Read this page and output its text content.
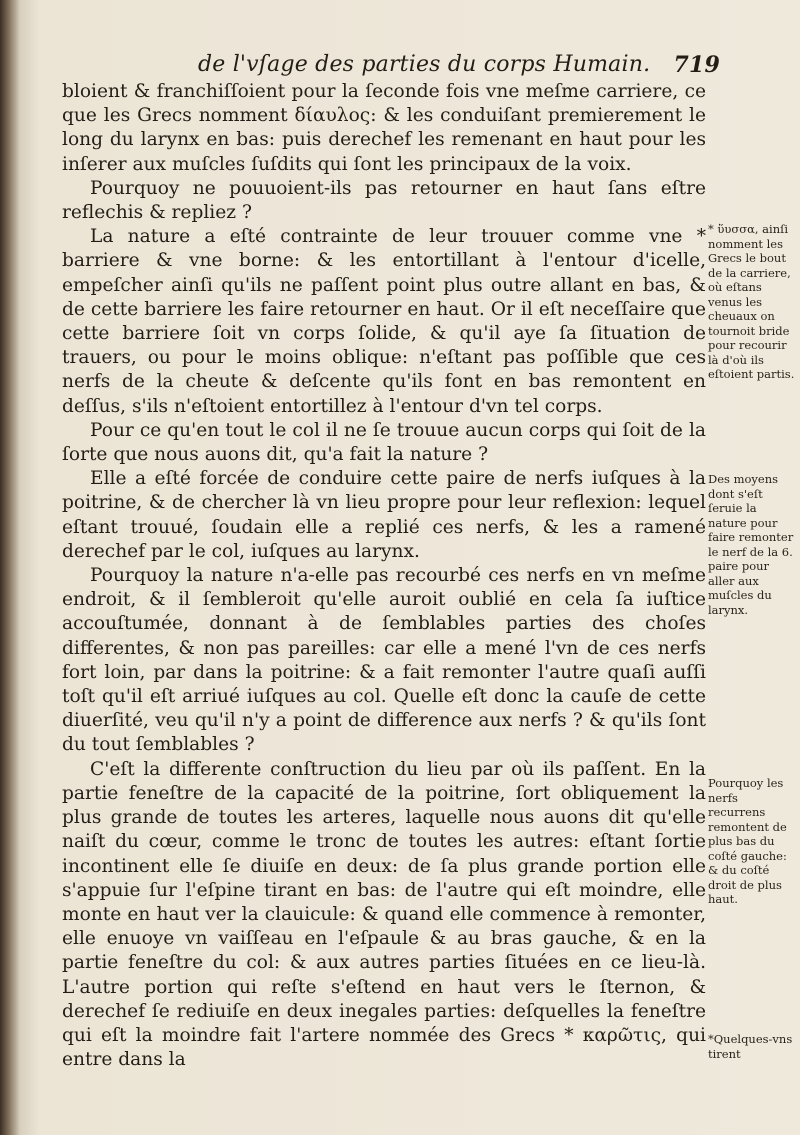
de l'vſage des parties du corps Humain. 719

bloient & franchiſſoient pour la ſeconde fois vne meſme carriere, ce que les Grecs nomment δίαυλος: & les conduiſant premierement le long du larynx en bas: puis derechef les remenant en haut pour les inſerer aux muſcles ſuſdits qui ſont les principaux de la voix.

Pourquoy ne pouuoient-ils pas retourner en haut ſans eſtre reflechis & repliez ?

La nature a eſté contrainte de leur trouuer comme vne * barriere & vne borne: & les entortillant à l'entour d'icelle, empeſcher ainſi qu'ils ne paſſent point plus outre allant en bas, & de cette barriere les faire retourner en haut. Or il eſt neceſſaire que cette barriere ſoit vn corps ſolide, & qu'il aye ſa ſituation de trauers, ou pour le moins oblique: n'eſtant pas poſſible que ces nerfs de la cheute & deſcente qu'ils font en bas remontent en deſſus, s'ils n'eſtoient entortillez à l'entour d'vn tel corps.

Pour ce qu'en tout le col il ne ſe trouue aucun corps qui ſoit de la ſorte que nous auons dit, qu'a fait la nature ?

Elle a eſté forcée de conduire cette paire de nerfs iuſques à la poitrine, & de chercher là vn lieu propre pour leur reflexion: lequel eſtant trouué, ſoudain elle a replié ces nerfs, & les a ramené derechef par le col, iuſques au larynx.

Pourquoy la nature n'a-elle pas recourbé ces nerfs en vn meſme endroit, & il ſembleroit qu'elle auroit oublié en cela ſa iuſtice accouſtumée, donnant à de ſemblables parties des choſes differentes, & non pas pareilles: car elle a mené l'vn de ces nerfs fort loin, par dans la poitrine: & a fait remonter l'autre quaſi auſſi toſt qu'il eſt arriué iuſques au col. Quelle eſt donc la cauſe de cette diuerſité, veu qu'il n'y a point de difference aux nerfs ? & qu'ils ſont du tout ſemblables ?

C'eſt la differente conſtruction du lieu par où ils paſſent. En la partie feneſtre de la capacité de la poitrine, ſort obliquement la plus grande de toutes les arteres, laquelle nous auons dit qu'elle naiſt du cœur, comme le tronc de toutes les autres: eſtant ſortie incontinent elle ſe diuiſe en deux: de ſa plus grande portion elle s'appuie ſur l'eſpine tirant en bas: de l'autre qui eſt moindre, elle monte en haut ver la clauicule: & quand elle commence à remonter, elle enuoye vn vaiſſeau en l'eſpaule & au bras gauche, & en la partie feneſtre du col: & aux autres parties ſituées en ce lieu-là. L'autre portion qui reſte s'eſtend en haut vers le ſternon, & derechef ſe rediuiſe en deux inegales parties: deſquelles la feneſtre qui eſt la moindre fait l'artere nommée des Grecs * καρῶτις, qui entre dans la

* ὕυσσα, ainſi nomment les Grecs le bout de la carriere, où eſtans venus les cheuaux on tournoit bride pour recourir là d'où ils eſtoient partis.
Des moyens dont s'eſt ſeruie la nature pour faire remonter le nerf de la 6. paire pour aller aux muſcles du larynx.
Pourquoy les nerfs recurrens remontent de plus bas du coſté gauche: & du coſté droit de plus haut.
*Quelques-vns tirent
